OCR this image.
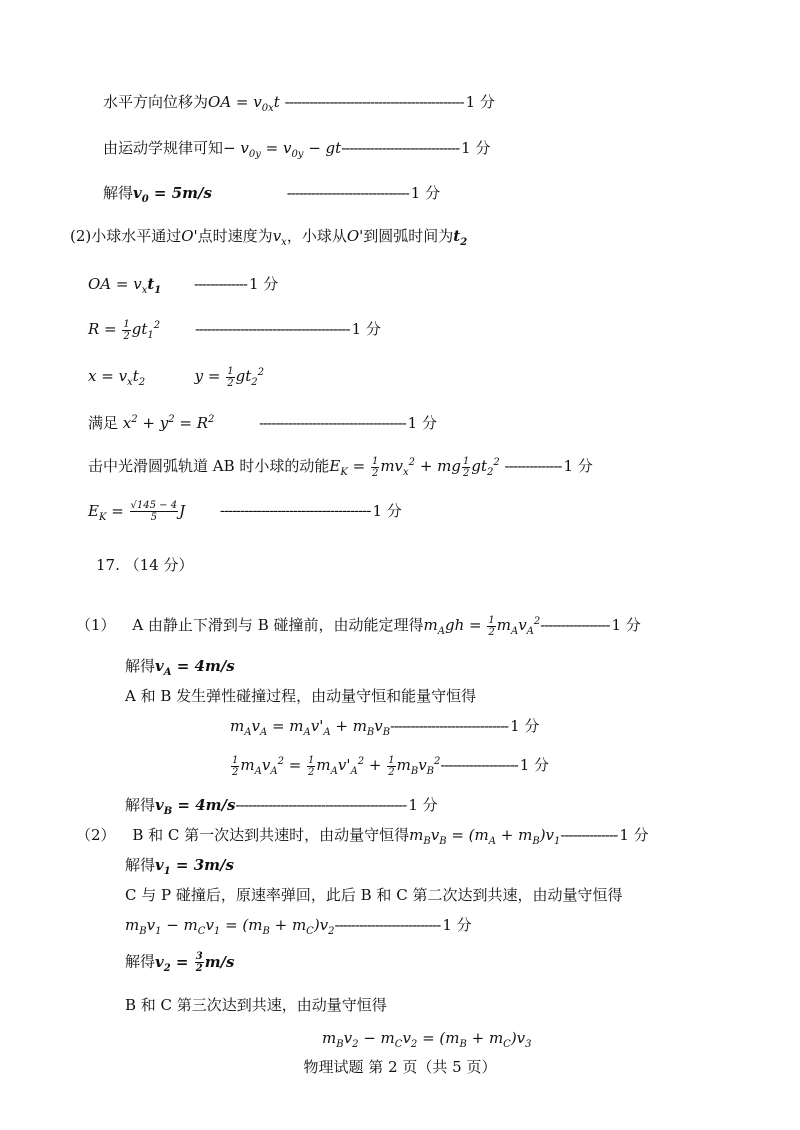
水平方向位移为OA = $v_{0x}t$ -------------------------------------------- 1 分
由运动学规律可知− $v_{0y} = v_{0y} - gt-----------------------------$ 1 分
解得$v_0 = 5m/s$	------------------------------ 1 分
(2)小球水平通过O'点时速度为$v_x$，小球从O'到圆弧时间为$t_2$
OA = $v_xt_1$ ------------- 1 分
$R = \frac{1}{2} gt_1^2$ -------------------------------------- 1 分
$x = v_xt_2$	$y = \frac{1}{2} gt_2^2$
满足 $x^2 + y^2 = R^2$	------------------------------------ 1 分
击中光滑圆弧轨道 AB 时小球的动能$E_K = \frac{1}{2} mv_x^2$ + mg $\frac{1}{2} gt_2^2$ -------------- 1 分
$E_K = \frac{√145 - 4}{5}$ J ------------------------------------- 1 分
17. （14 分）
（1） A 由静止下滑到与 B 碰撞前，由动能定理得$m_Agh = \frac{1}{2} m_Av_A^2-----------------$ 1 分
解得$v_A = 4m/s$
A 和 B 发生弹性碰撞过程，由动量守恒和能量守恒得
$m_Av_A = m_Av'_A + m_Bv_B-----------------------------$ 1 分
$\frac{1}{2} m_Av_A^2 = \frac{1}{2} m_Av'_A^2 + \frac{1}{2} m_Bv_B^2-------------------$ 1 分
解得$v_B = 4m/s------------------------------------------$ 1 分
（2） B 和 C 第一次达到共速时，由动量守恒得$m_Bv_B = (m_A + m_B)v_1--------------$ 1 分
解得$v_1 = 3m/s$
C 与 P 碰撞后，原速率弹回，此后 B 和 C 第二次达到共速，由动量守恒得
$m_Bv_1 - m_Cv_1 = (m_B + m_C)v_2--------------------------$ 1 分
解得$v_2 = \frac{3}{2} m/s$
B 和 C 第三次达到共速，由动量守恒得
$m_Bv_2 - m_Cv_2 = (m_B + m_C)v_3$
物理试题 第 2 页（共 5 页）
